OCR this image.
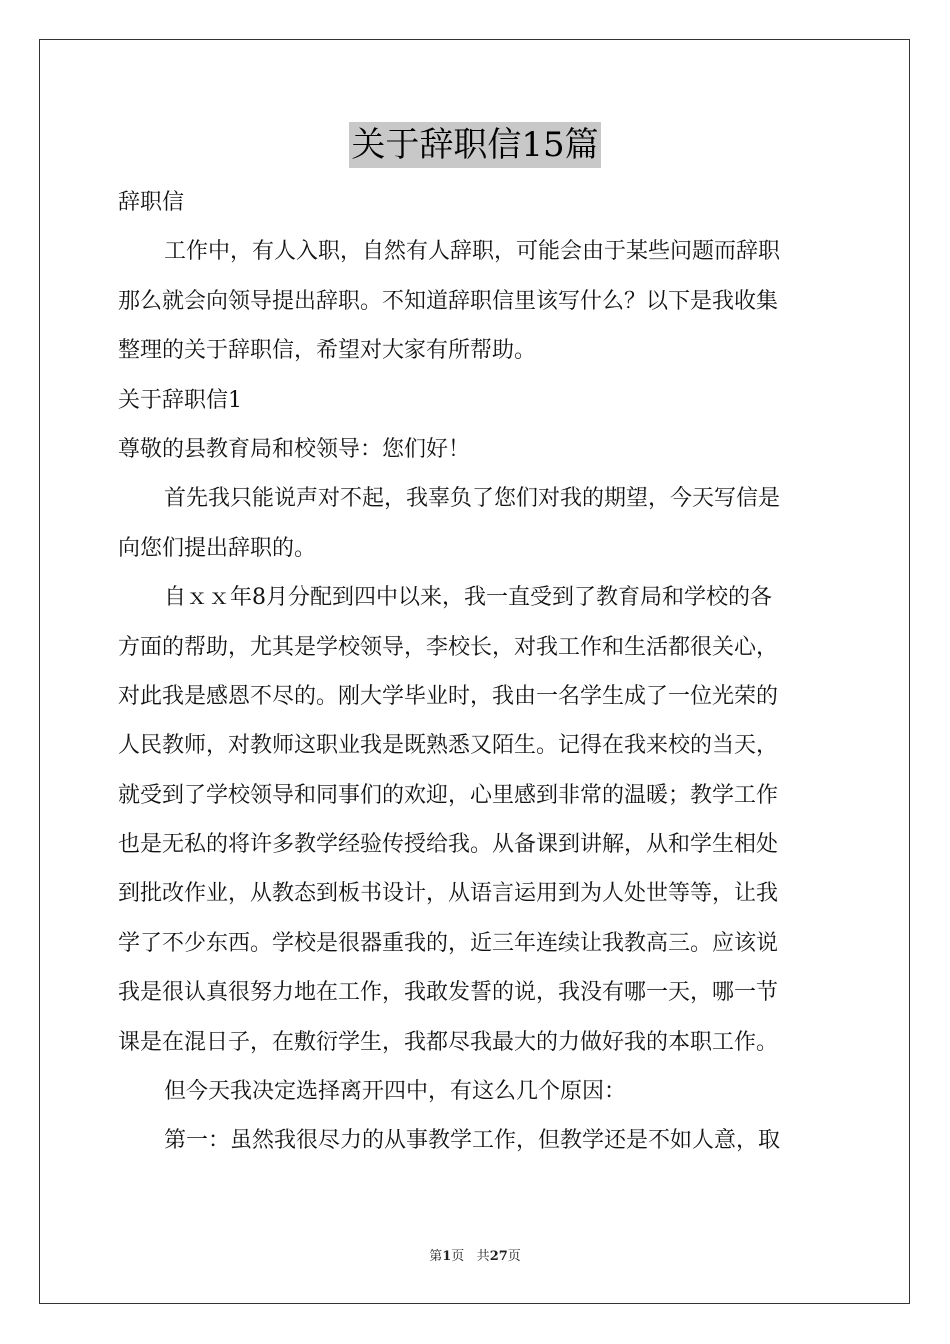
关于辞职信15篇
辞职信
工作中，有人入职，自然有人辞职，可能会由于某些问题而辞职
那么就会向领导提出辞职。不知道辞职信里该写什么？以下是我收集
整理的关于辞职信，希望对大家有所帮助。
关于辞职信1
尊敬的县教育局和校领导：您们好！
首先我只能说声对不起，我辜负了您们对我的期望，今天写信是
向您们提出辞职的。
自ｘｘ年8月分配到四中以来，我一直受到了教育局和学校的各
方面的帮助，尤其是学校领导，李校长，对我工作和生活都很关心，
对此我是感恩不尽的。刚大学毕业时，我由一名学生成了一位光荣的
人民教师，对教师这职业我是既熟悉又陌生。记得在我来校的当天，
就受到了学校领导和同事们的欢迎，心里感到非常的温暖；教学工作
也是无私的将许多教学经验传授给我。从备课到讲解，从和学生相处
到批改作业，从教态到板书设计，从语言运用到为人处世等等，让我
学了不少东西。学校是很器重我的，近三年连续让我教高三。应该说
我是很认真很努力地在工作，我敢发誓的说，我没有哪一天，哪一节
课是在混日子，在敷衍学生，我都尽我最大的力做好我的本职工作。
但今天我决定选择离开四中，有这么几个原因：
第一：虽然我很尽力的从事教学工作，但教学还是不如人意，取
第1页 共27页
